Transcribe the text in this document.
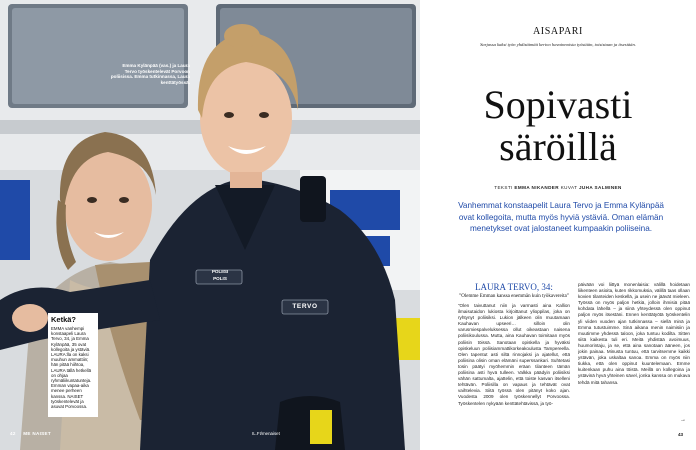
Emma Kylänpää (vas.) ja Laura Tervo työskentelevät Porvoon poliisissa. Emma tutkinnassa, Laura kenttätyössä.
POLIISI
POLIS
TERVO
Ketkä?

EMMA vanhempi konstaapeli Laura Tervo, 34, ja Emma Kylänpää, 35 ovat kollegoita ja ystäviä. LAURA:lla on kaksi muuhun ammattiin; hän pitää hiihtoa, LAURA tällä hetkellä on ohjaa ryhmäliikuntatunteja. Emman vapaa-aika menee perheen kanssa. NAISET työskentelevät ja asuvat Porvoossa.

42 ME NAISET	IL.FI/menaiset
AISAPARI
Sarjassa kaksi työn yhdistämää kertoo havainnoista työstään, toisistaan ja itsestään.
Sopivasti
säröillä
TEKSTI EMMA NIKANDER KUVAT JUHA SALMINEN
Vanhemmat konstaapelit Laura Tervo ja Emma Kylänpää ovat kollegoita, mutta myös hyviä ystäviä. Oman elämän menetykset ovat jalostaneet kumpaakin poliiseina.
LAURA TERVO, 34:
”Olemme Emman kanssa enemmän kuin työkavereita”

”Olen taivuttanut niin ja varmasti aina Kallion ilmaisutaidon lukiosta kirjoittanut ylioppilas, joka on ryhtynyt poliisiksi. Lukion jälkeen olin muutamaan Kauhavan upseeri… silloin olin varusmiespalveluksessa ollut oikeastaan naisena poliisikoulussa. Mutta, aina Kauhavan toimitaan myös poliisin töissä. Sanotaan opiskella ja hyväksi opiskeluun poliisiammattikorkeakoulusta Tampereella. Olen tapentut asti siltä rinnojaksi ja ajatellut, että poliisina olisin oman elämäni superssankari. Suhtetasi tosin päätyi myöhemmin eräan tilanteen tämän poliisina asti hyvä tulleen. Valkka päädyin poliisiksi vähän sattumalta, ajattelin, että toiste kasvan itselleni tehtävän. Poliisilla on vapaus ja tehtävät ovat vaihtelevia. Siitä työssä olen pitänyt koko ajan. Vuodesta 2009 olen työskennellyt Porvoossa. Työskentelen nykyään kenttätehtävissä, ja työ-

päivään voi liittyä monenlaisia: välillä hoidetaan liikenteen asioita, kuten rikkomuksia, välillä taas ollaan kovien tilanteiden keskellä, ja usein ne jäävät mieleen. Työssä on myös paljon hetkiä, jolloin ihmisiä pitää kohdata lähellä – ja siinä yhteydessä olen oppinut paljon myös itsestäni. Ennen kenttätyötä työskentelin yli viiden vuoden ajan tutkinnassa – siellä minä ja Emma tutustuimme. Sinä aikana menin naimisiin ja muutimme yhdessä taloon, joka tuntuu kodilta. Sitten siitä kaikesta tuli eri. Meitä yhdistää avoimuus, huumorintaju, ja se, että aina sanotaan ääneen, jos jokin painaa. Minusta tuntuu, että tarvitsemme kaikki ystävän, joka uskaltaa sanoa. Emma on myös niin tiukka, että olen oppinut kuuntelemaan. Emme kuitenkaan puhu aina töistä. Meillä on kollegoina ja ystävinä hyvä yhteinen sävel, jonka kanssa on mukava tehdä mitä tahansa.

→
43
